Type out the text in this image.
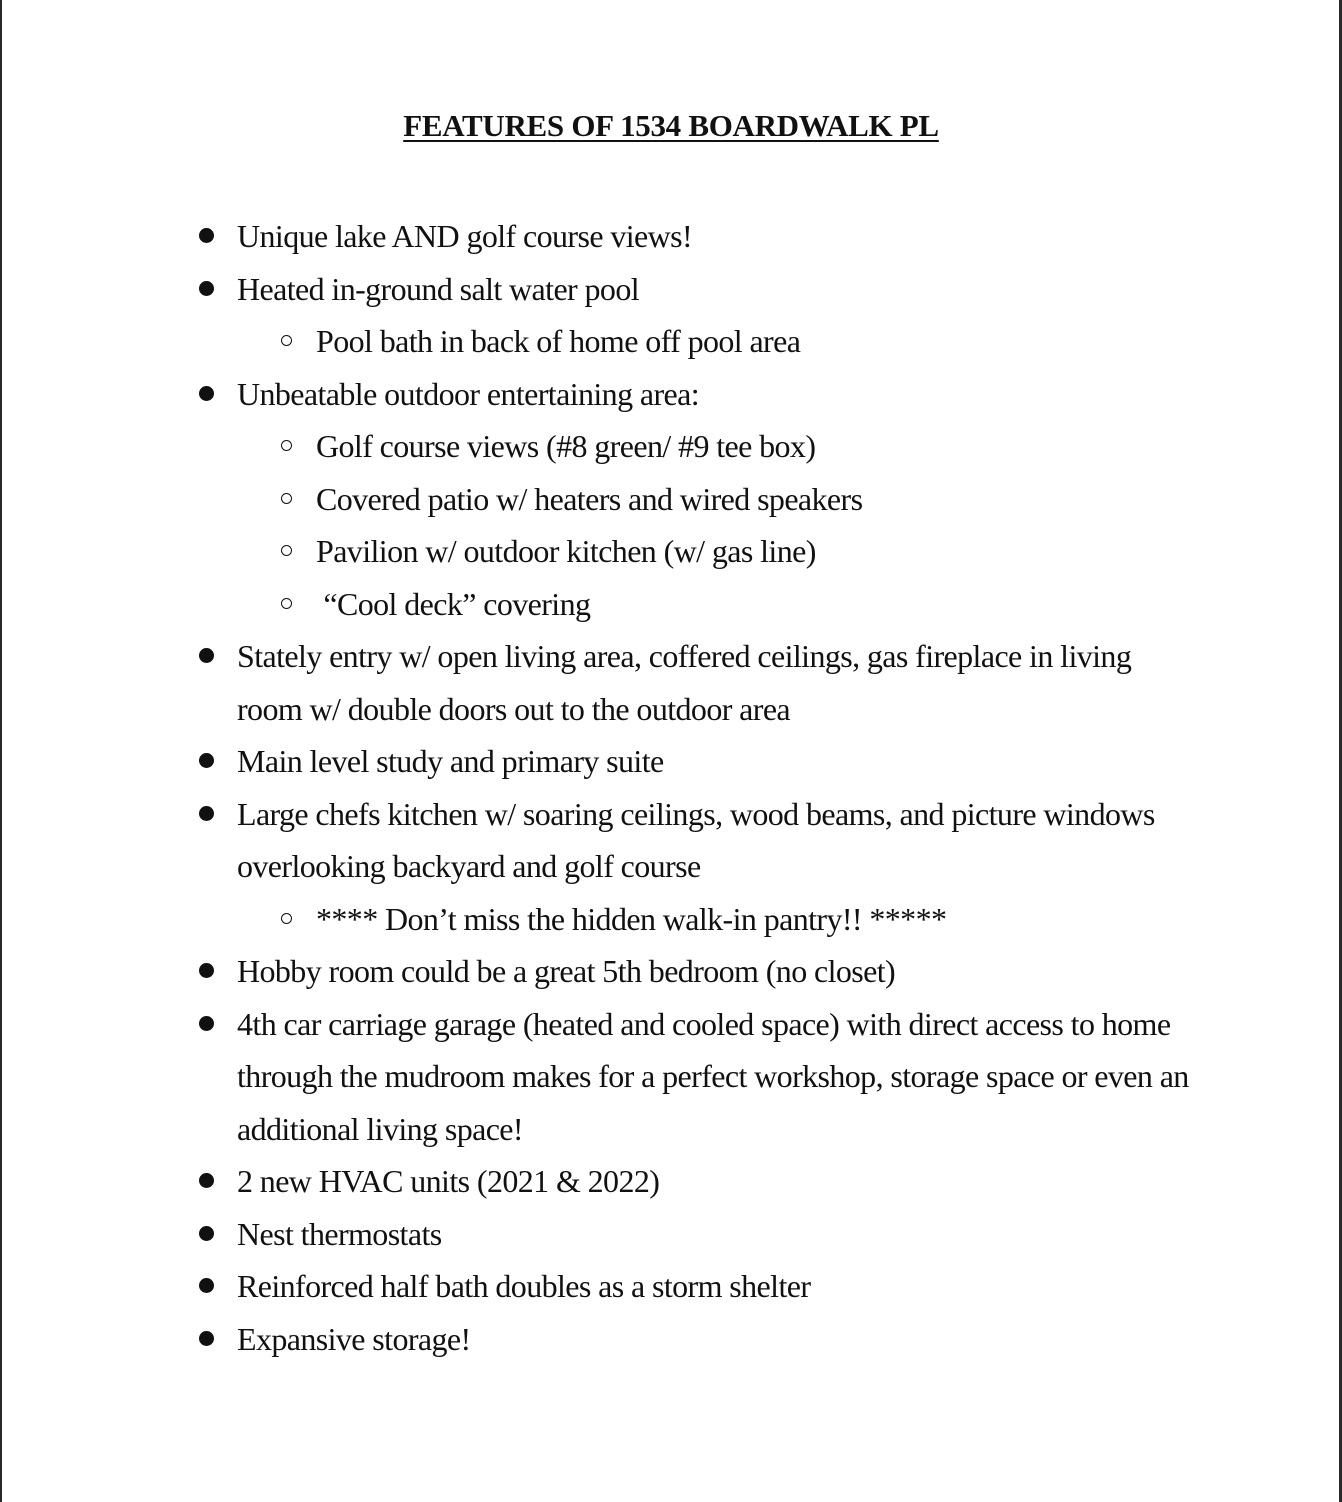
FEATURES OF 1534 BOARDWALK PL
Unique lake AND golf course views!
Heated in-ground salt water pool
Pool bath in back of home off pool area
Unbeatable outdoor entertaining area:
Golf course views (#8 green/ #9 tee box)
Covered patio w/ heaters and wired speakers
Pavilion w/ outdoor kitchen (w/ gas line)
“Cool deck” covering
Stately entry w/ open living area, coffered ceilings, gas fireplace in living room w/ double doors out to the outdoor area
Main level study and primary suite
Large chefs kitchen w/ soaring ceilings, wood beams, and picture windows overlooking backyard and golf course
**** Don’t miss the hidden walk-in pantry!! *****
Hobby room could be a great 5th bedroom (no closet)
4th car carriage garage (heated and cooled space) with direct access to home through the mudroom makes for a perfect workshop, storage space or even an additional living space!
2 new HVAC units (2021 & 2022)
Nest thermostats
Reinforced half bath doubles as a storm shelter
Expansive storage!
